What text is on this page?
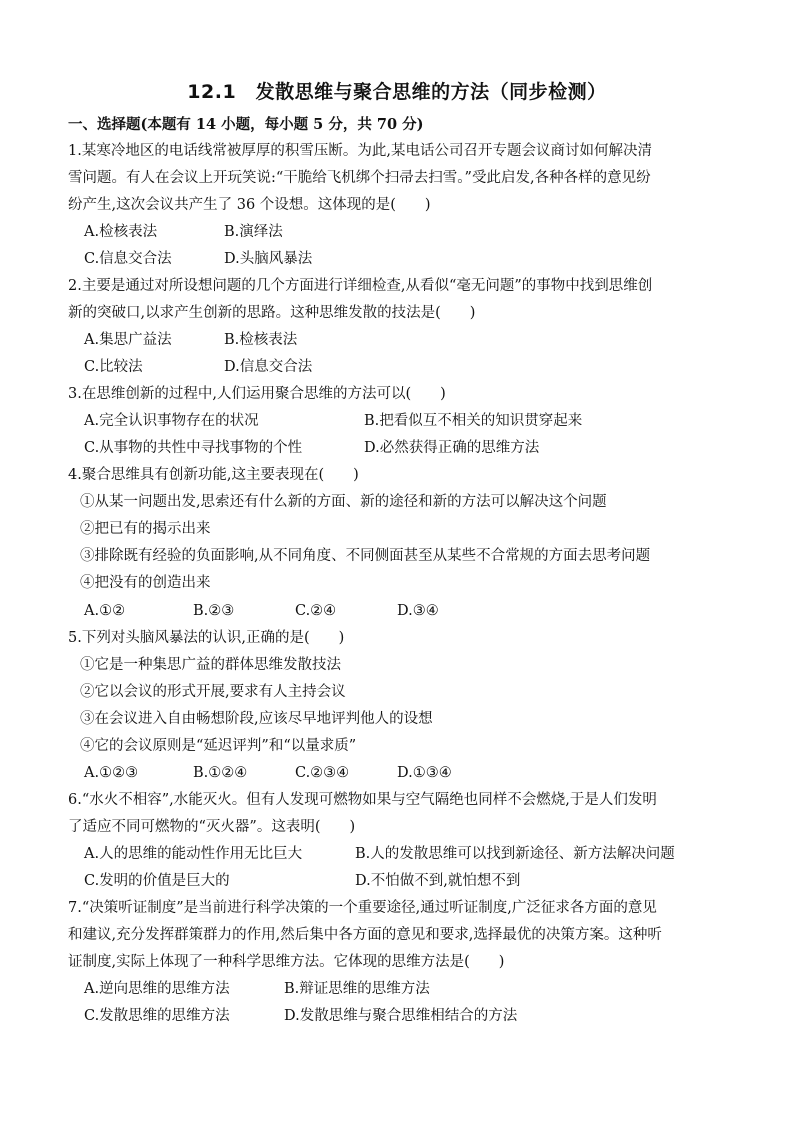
12.1　发散思维与聚合思维的方法（同步检测）
一、选择题(本题有 14 小题，每小题 5 分，共 70 分)
1.某寒冷地区的电话线常被厚厚的积雪压断。为此,某电话公司召开专题会议商讨如何解决清
雪问题。有人在会议上开玩笑说:“干脆给飞机绑个扫帚去扫雪。”受此启发,各种各样的意见纷
纷产生,这次会议共产生了 36 个设想。这体现的是(　　)
A.检核表法	B.演绎法
C.信息交合法	D.头脑风暴法
2.主要是通过对所设想问题的几个方面进行详细检查,从看似“毫无问题”的事物中找到思维创
新的突破口,以求产生创新的思路。这种思维发散的技法是(　　)
A.集思广益法	B.检核表法
C.比较法	D.信息交合法
3.在思维创新的过程中,人们运用聚合思维的方法可以(　　)
A.完全认识事物存在的状况	B.把看似互不相关的知识贯穿起来
C.从事物的共性中寻找事物的个性	D.必然获得正确的思维方法
4.聚合思维具有创新功能,这主要表现在(　　)
①从某一问题出发,思索还有什么新的方面、新的途径和新的方法可以解决这个问题
②把已有的揭示出来
③排除既有经验的负面影响,从不同角度、不同侧面甚至从某些不合常规的方面去思考问题
④把没有的创造出来
A.①②	B.②③	C.②④	D.③④
5.下列对头脑风暴法的认识,正确的是(　　)
①它是一种集思广益的群体思维发散技法
②它以会议的形式开展,要求有人主持会议
③在会议进入自由畅想阶段,应该尽早地评判他人的设想
④它的会议原则是“延迟评判”和“以量求质”
A.①②③	B.①②④	C.②③④	D.①③④
6.“水火不相容”,水能灭火。但有人发现可燃物如果与空气隔绝也同样不会燃烧,于是人们发明
了适应不同可燃物的“灭火器”。这表明(　　)
A.人的思维的能动性作用无比巨大	B.人的发散思维可以找到新途径、新方法解决问题
C.发明的价值是巨大的	D.不怕做不到,就怕想不到
7.“决策听证制度”是当前进行科学决策的一个重要途径,通过听证制度,广泛征求各方面的意见
和建议,充分发挥群策群力的作用,然后集中各方面的意见和要求,选择最优的决策方案。这种听
证制度,实际上体现了一种科学思维方法。它体现的思维方法是(　　)
A.逆向思维的思维方法	B.辩证思维的思维方法
C.发散思维的思维方法	D.发散思维与聚合思维相结合的方法
